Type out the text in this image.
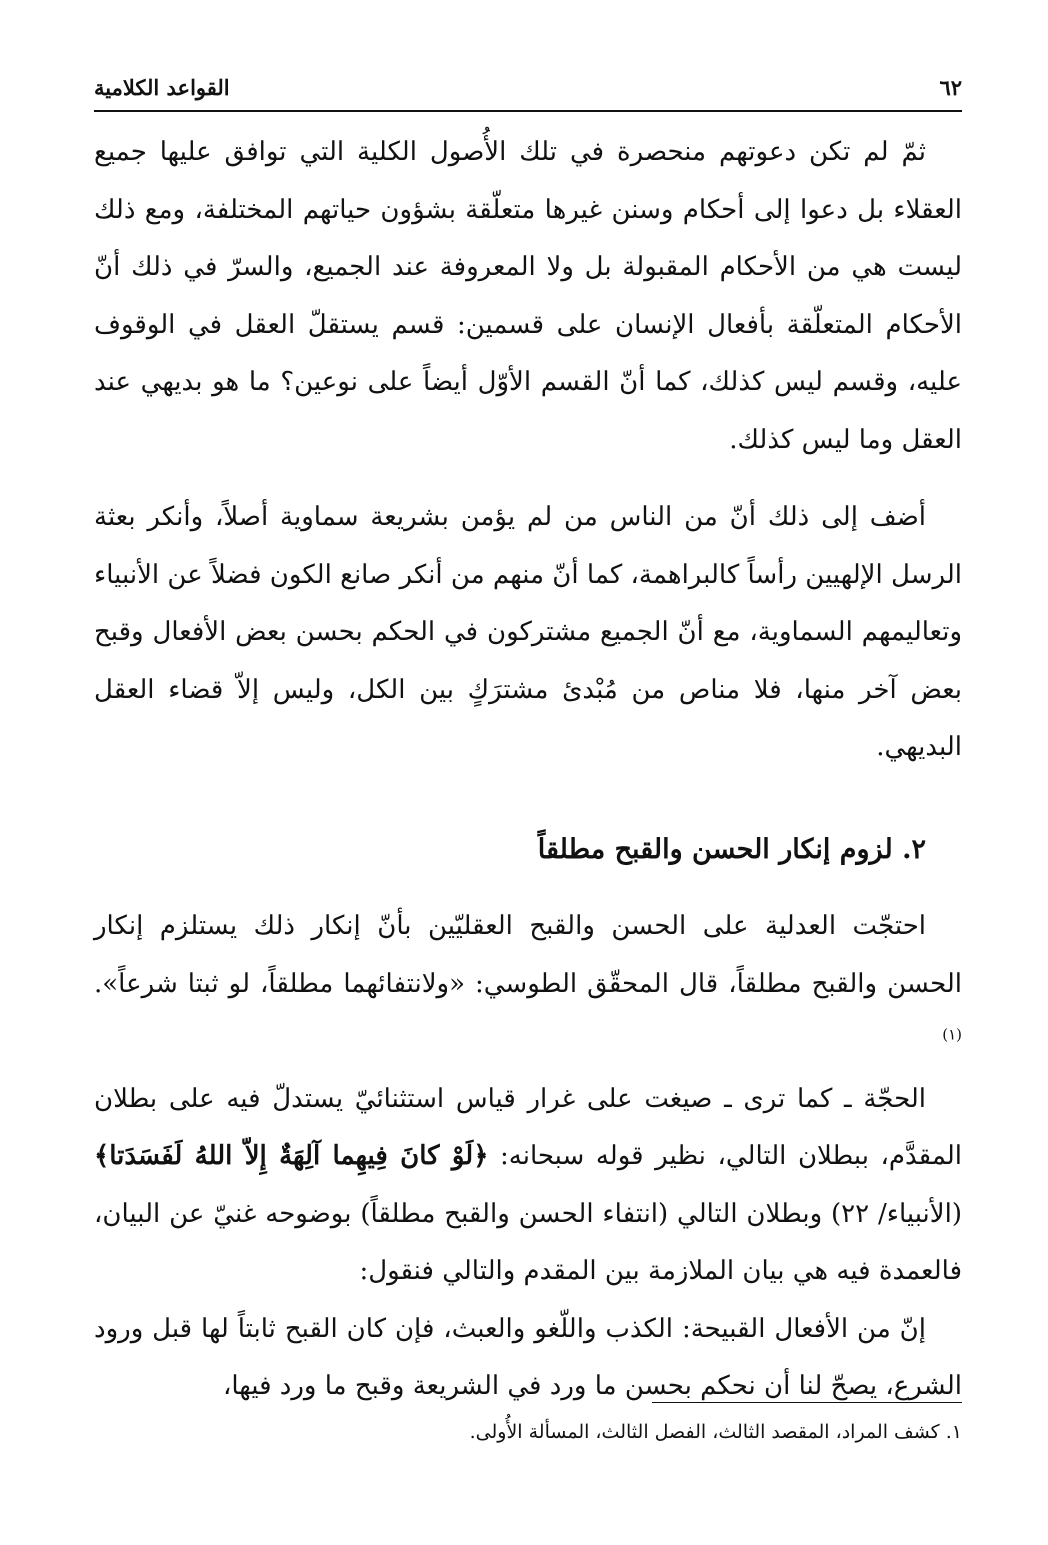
٦٢
القواعد الكلامية

ثمّ لم تكن دعوتهم منحصرة في تلك الأُصول الكلية التي توافق عليها جميع العقلاء بل دعوا إلى أحكام وسنن غيرها متعلّقة بشؤون حياتهم المختلفة، ومع ذلك ليست هي من الأحكام المقبولة بل ولا المعروفة عند الجميع، والسرّ في ذلك أنّ الأحكام المتعلّقة بأفعال الإنسان على قسمين: قسم يستقلّ العقل في الوقوف عليه، وقسم ليس كذلك، كما أنّ القسم الأوّل أيضاً على نوعين؟ ما هو بديهي عند العقل وما ليس كذلك.

أضف إلى ذلك أنّ من الناس من لم يؤمن بشريعة سماوية أصلاً، وأنكر بعثة الرسل الإلهيين رأساً كالبراهمة، كما أنّ منهم من أنكر صانع الكون فضلاً عن الأنبياء وتعاليمهم السماوية، مع أنّ الجميع مشتركون في الحكم بحسن بعض الأفعال وقبح بعض آخر منها، فلا مناص من مُبْدئ مشترَكٍ بين الكل، وليس إلاّ قضاء العقل البديهي.

٢. لزوم إنكار الحسن والقبح مطلقاً

احتجّت العدلية على الحسن والقبح العقليّين بأنّ إنكار ذلك يستلزم إنكار الحسن والقبح مطلقاً، قال المحقّق الطوسي: «ولانتفائهما مطلقاً، لو ثبتا شرعاً».$^{(١)}$

الحجّة ـ كما ترى ـ صيغت على غرار قياس استثنائيّ يستدلّ فيه على بطلان المقدَّم، ببطلان التالي، نظير قوله سبحانه: ﴿لَوْ كانَ فِيهِما آلِهَةٌ إِلاّ اللهُ لَفَسَدَتا﴾ (الأنبياء/ ٢٢) وبطلان التالي (انتفاء الحسن والقبح مطلقاً) بوضوحه غنيّ عن البيان، فالعمدة فيه هي بيان الملازمة بين المقدم والتالي فنقول:

إنّ من الأفعال القبيحة: الكذب واللّغو والعبث، فإن كان القبح ثابتاً لها قبل ورود الشرع، يصحّ لنا أن نحكم بحسن ما ورد في الشريعة وقبح ما ورد فيها،

١. كشف المراد، المقصد الثالث، الفصل الثالث، المسألة الأُولى.
